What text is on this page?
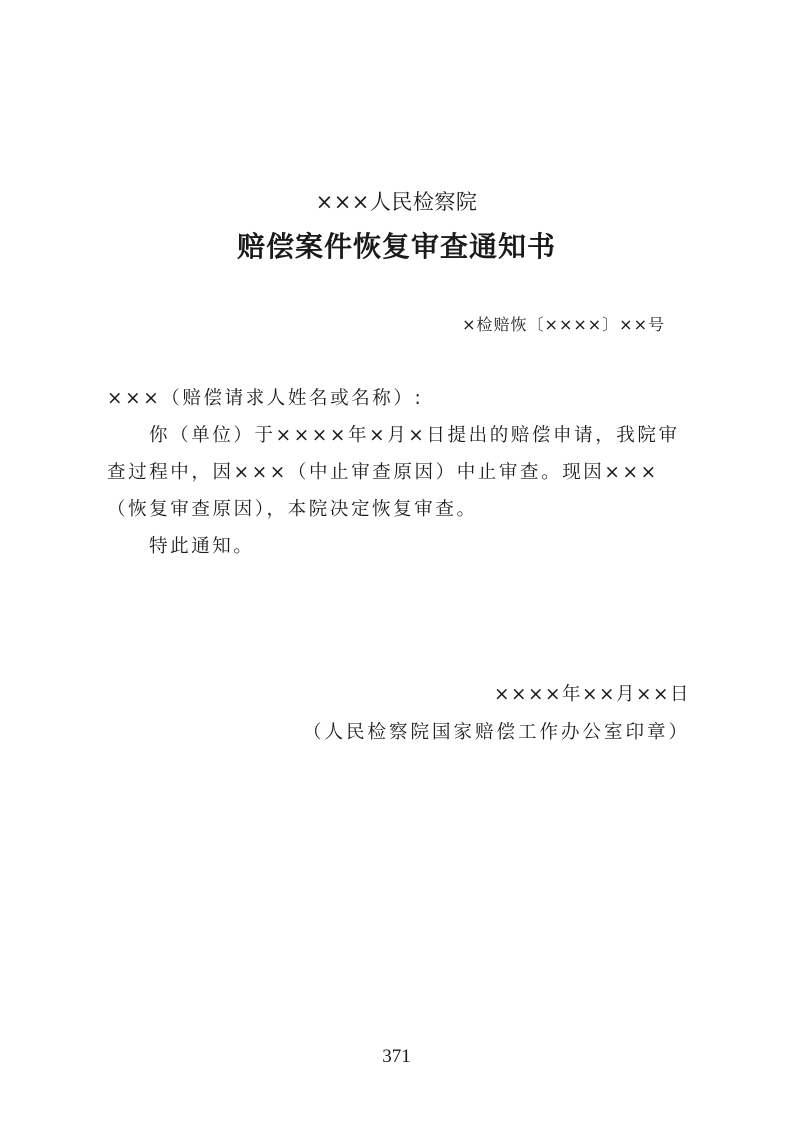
×××人民检察院
赔偿案件恢复审查通知书
×检赔恢〔××××〕××号

×××（赔偿请求人姓名或名称）:

你（单位）于××××年×月×日提出的赔偿申请，我院审查过程中，因×××（中止审查原因）中止审查。现因×××（恢复审查原因），本院决定恢复审查。

特此通知。

××××年××月××日
（人民检察院国家赔偿工作办公室印章）
371
